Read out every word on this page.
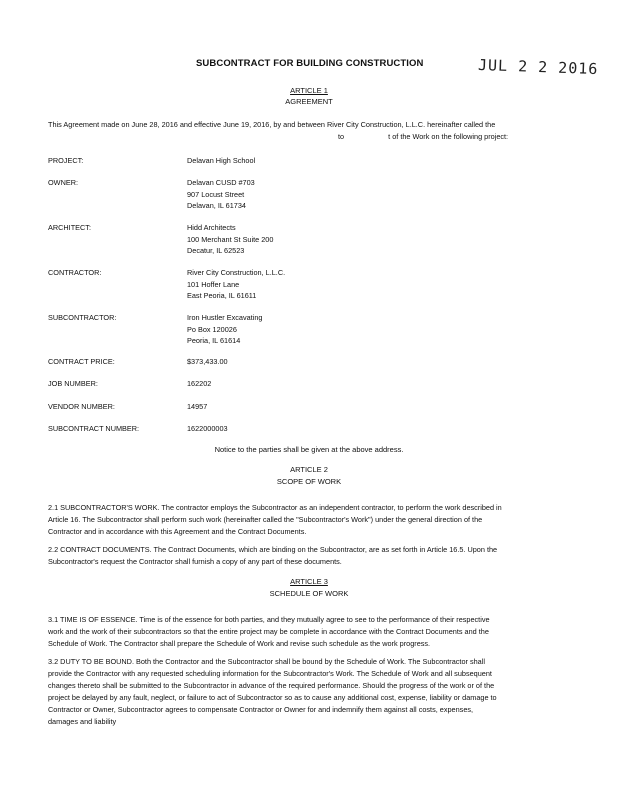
SUBCONTRACT FOR BUILDING CONSTRUCTION	JUL 2 2 2016
ARTICLE 1
AGREEMENT
This Agreement made on June 28, 2016 and effective June 19, 2016, by and between River City Construction, L.L.C. hereinafter called the
to	t of the Work on the following project:
PROJECT:	Delavan High School
OWNER:	Delavan CUSD #703
907 Locust Street
Delavan, IL 61734
ARCHITECT:	Hidd Architects
100 Merchant St Suite 200
Decatur, IL 62523
CONTRACTOR:	River City Construction, L.L.C.
101 Hoffer Lane
East Peoria, IL 61611
SUBCONTRACTOR:	Iron Hustler Excavating
Po Box 120026
Peoria, IL 61614
CONTRACT PRICE:	$373,433.00
JOB NUMBER:	162202
VENDOR NUMBER:	14957
SUBCONTRACT NUMBER:	1622000003
Notice to the parties shall be given at the above address.
ARTICLE 2
SCOPE OF WORK
2.1 SUBCONTRACTOR'S WORK. The contractor employs the Subcontractor as an independent contractor, to perform the work described in
Article 16. The Subcontractor shall perform such work (hereinafter called the "Subcontractor's Work") under the general direction of the
Contractor and in accordance with this Agreement and the Contract Documents.
2.2 CONTRACT DOCUMENTS. The Contract Documents, which are binding on the Subcontractor, are as set forth in Article 16.5. Upon the
Subcontractor's request the Contractor shall furnish a copy of any part of these documents.
ARTICLE 3
SCHEDULE OF WORK
3.1 TIME IS OF ESSENCE. Time is of the essence for both parties, and they mutually agree to see to the performance of their respective
work and the work of their subcontractors so that the entire project may be complete in accordance with the Contract Documents and the
Schedule of Work. The Contractor shall prepare the Schedule of Work and revise such schedule as the work progress.
3.2 DUTY TO BE BOUND. Both the Contractor and the Subcontractor shall be bound by the Schedule of Work. The Subcontractor shall
provide the Contractor with any requested scheduling information for the Subcontractor's Work. The Schedule of Work and all subsequent
changes thereto shall be submitted to the Subcontractor in advance of the required performance. Should the progress of the work or of the
project be delayed by any fault, neglect, or failure to act of Subcontractor so as to cause any additional cost, expense, liability or damage to
Contractor or Owner, Subcontractor agrees to compensate Contractor or Owner for and indemnify them against all costs, expenses,
damages and liability
